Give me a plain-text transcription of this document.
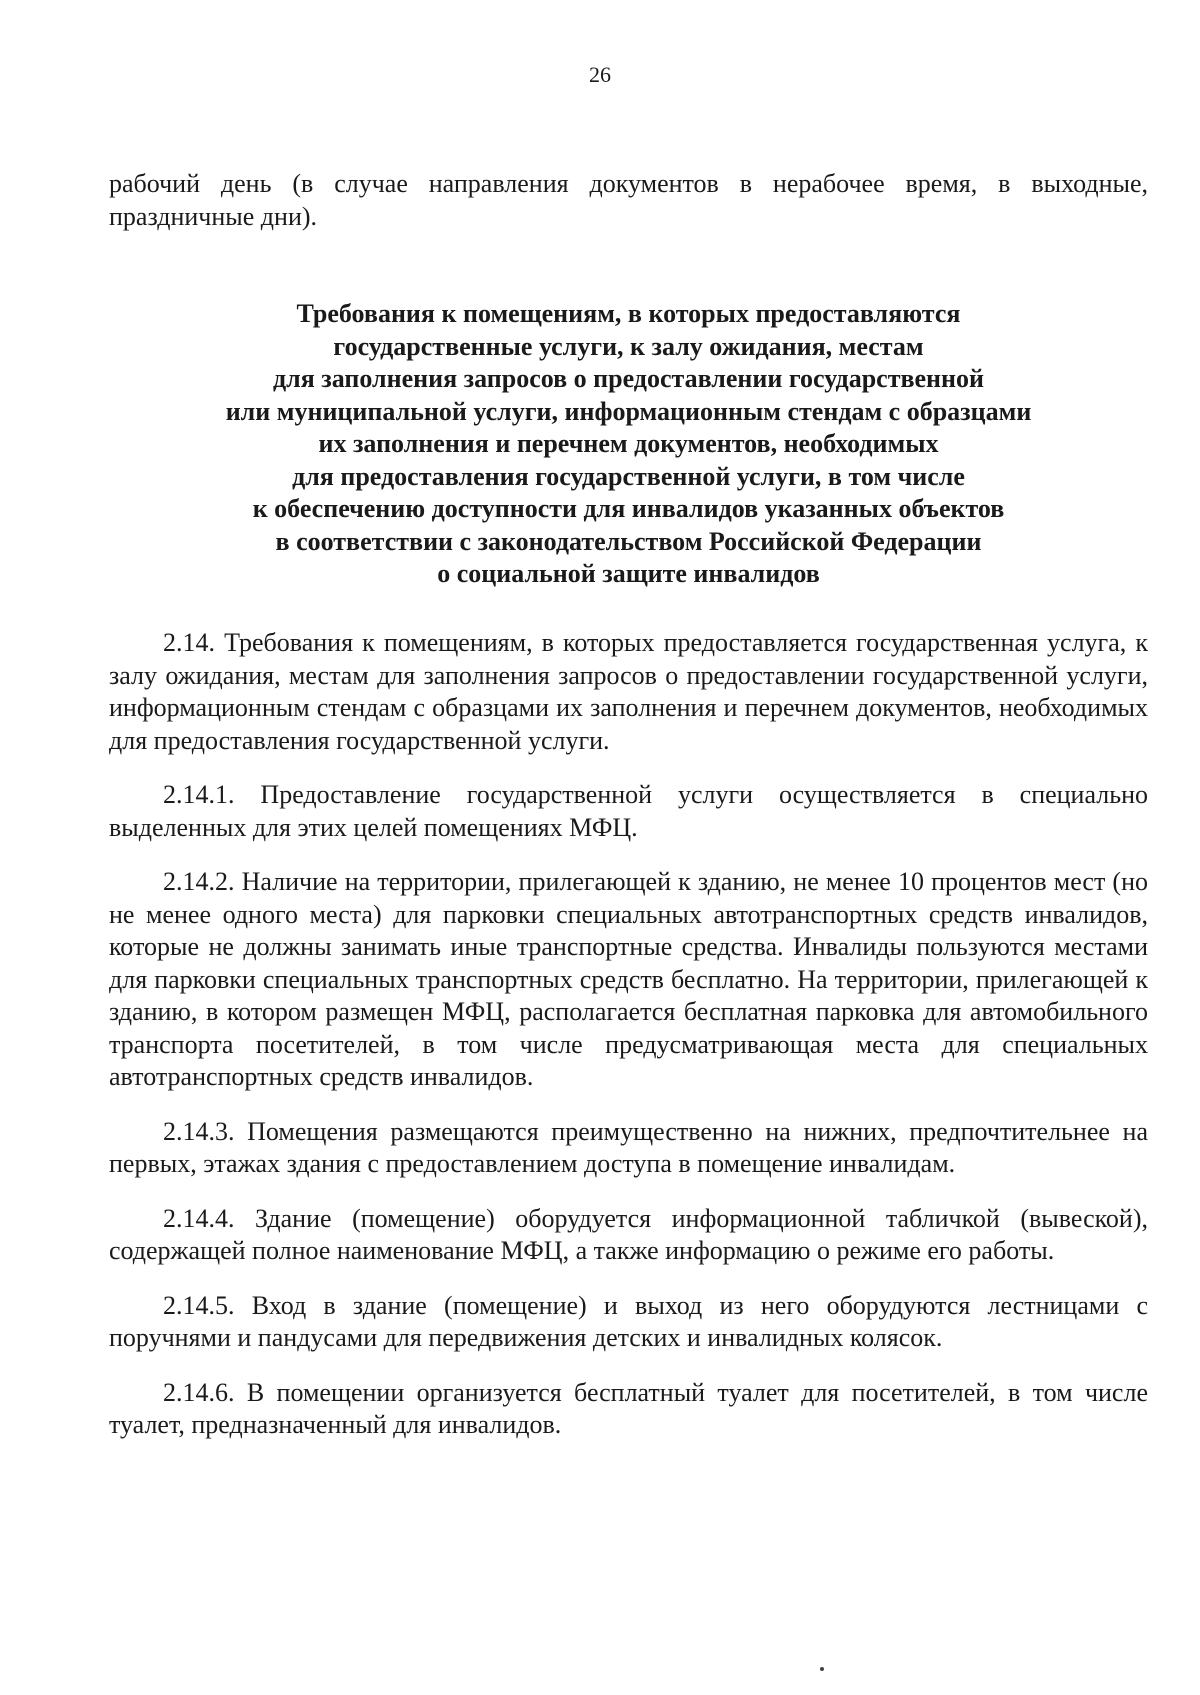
26

рабочий день (в случае направления документов в нерабочее время, в выходные, праздничные дни).

Требования к помещениям, в которых предоставляются
государственные услуги, к залу ожидания, местам
для заполнения запросов о предоставлении государственной
или муниципальной услуги, информационным стендам с образцами
их заполнения и перечнем документов, необходимых
для предоставления государственной услуги, в том числе
к обеспечению доступности для инвалидов указанных объектов
в соответствии с законодательством Российской Федерации
о социальной защите инвалидов

2.14. Требования к помещениям, в которых предоставляется государственная услуга, к залу ожидания, местам для заполнения запросов о предоставлении государственной услуги, информационным стендам с образцами их заполнения и перечнем документов, необходимых для предоставления государственной услуги.

2.14.1. Предоставление государственной услуги осуществляется в специально выделенных для этих целей помещениях МФЦ.

2.14.2. Наличие на территории, прилегающей к зданию, не менее 10 процентов мест (но не менее одного места) для парковки специальных автотранспортных средств инвалидов, которые не должны занимать иные транспортные средства. Инвалиды пользуются местами для парковки специальных транспортных средств бесплатно. На территории, прилегающей к зданию, в котором размещен МФЦ, располагается бесплатная парковка для автомобильного транспорта посетителей, в том числе предусматривающая места для специальных автотранспортных средств инвалидов.

2.14.3. Помещения размещаются преимущественно на нижних, предпочтительнее на первых, этажах здания с предоставлением доступа в помещение инвалидам.

2.14.4. Здание (помещение) оборудуется информационной табличкой (вывеской), содержащей полное наименование МФЦ, а также информацию о режиме его работы.

2.14.5. Вход в здание (помещение) и выход из него оборудуются лестницами с поручнями и пандусами для передвижения детских и инвалидных колясок.

2.14.6. В помещении организуется бесплатный туалет для посетителей, в том числе туалет, предназначенный для инвалидов.
